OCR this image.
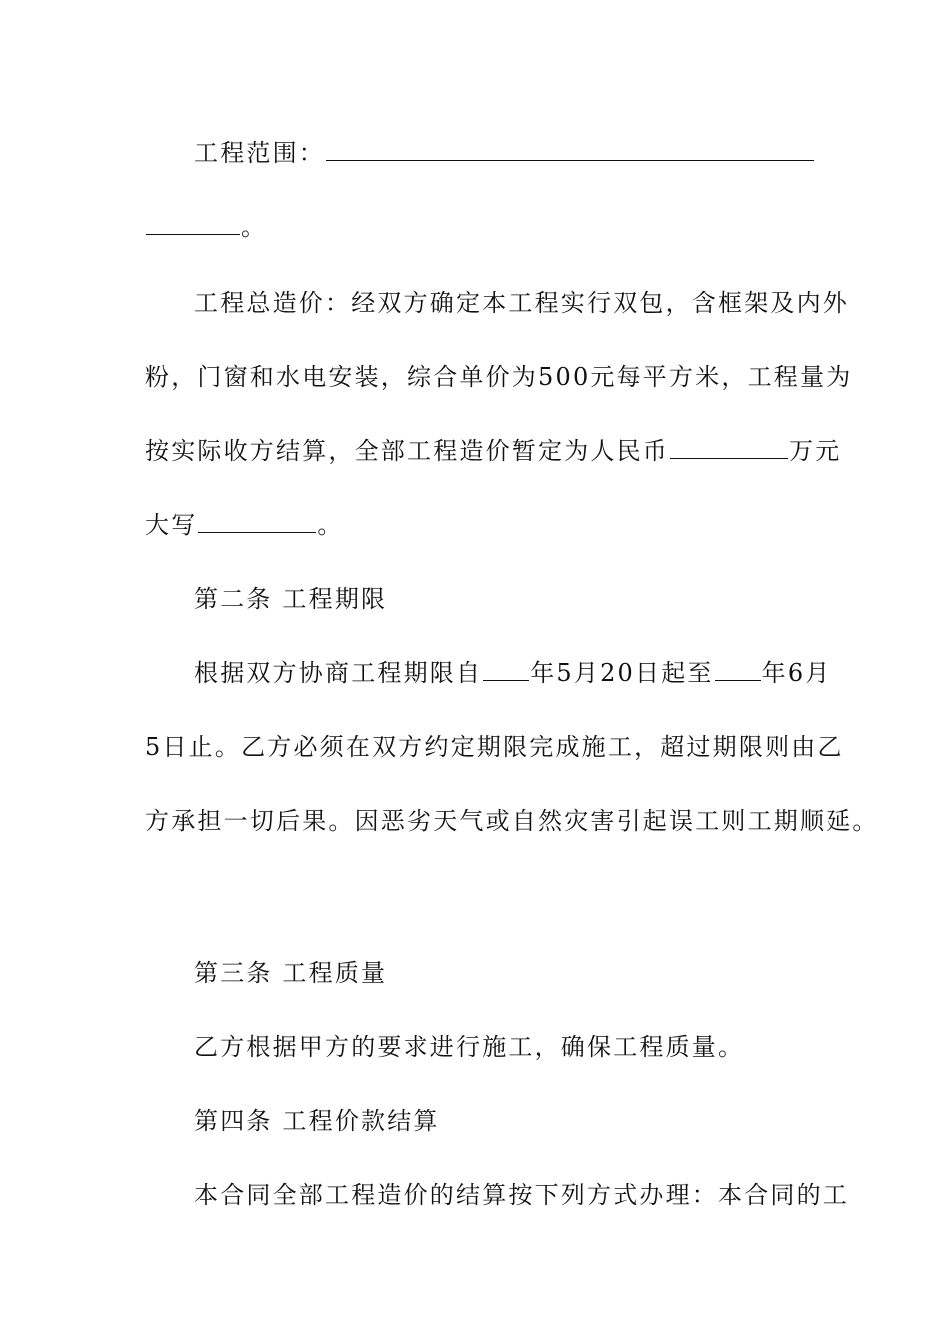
工程范围：
。
工程总造价：经双方确定本工程实行双包，含框架及内外
粉，门窗和水电安装，综合单价为500元每平方米，工程量为
按实际收方结算，全部工程造价暂定为人民币	万元
大写	。
第二条 工程期限
根据双方协商工程期限自 年5月20日起至 年6月
5日止。乙方必须在双方约定期限完成施工，超过期限则由乙
方承担一切后果。因恶劣天气或自然灾害引起误工则工期顺延。
第三条 工程质量
乙方根据甲方的要求进行施工，确保工程质量。
第四条 工程价款结算
本合同全部工程造价的结算按下列方式办理：本合同的工
